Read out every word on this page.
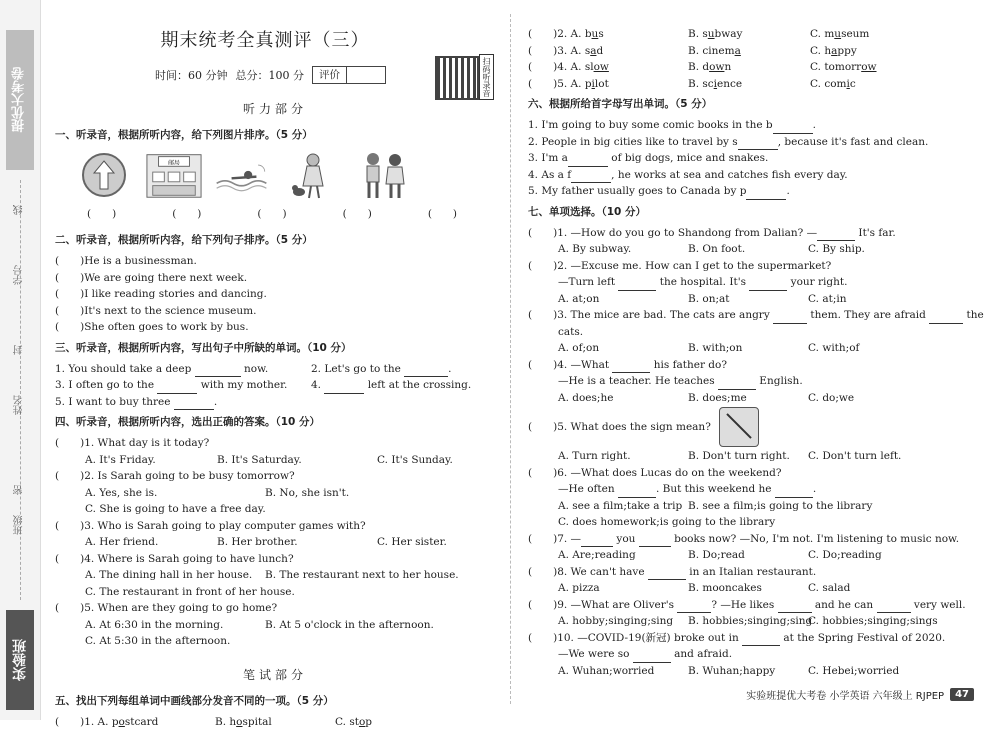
提优大考卷
线
学号
封
姓名
密
班级
实验班
期末统考全真测评（三）
时间：60 分钟 总分：100 分	评价	扫码听录音
听力部分
一、听录音，根据所听内容，给下列图片排序。（5 分）
邮局
(　　)	(　　)	(　　)	(　　)	(　　)
二、听录音，根据所听内容，给下列句子排序。（5 分）
(　　)He is a businessman.
(　　)We are going there next week.
(　　)I like reading stories and dancing.
(　　)It's next to the science museum.
(　　)She often goes to work by bus.
三、听录音，根据所听内容，写出句子中所缺的单词。（10 分）
1. You should take a deep	now.	2. Let's go to the	.
3. I often go to the	with my mother.	4.	left at the crossing.
5. I want to buy three	.
四、听录音，根据所听内容，选出正确的答案。（10 分）
(　　)1. What day is it today?
A. It's Friday.	B. It's Saturday.	C. It's Sunday.
(　　)2. Is Sarah going to be busy tomorrow?
A. Yes, she is.	B. No, she isn't.
C. She is going to have a free day.
(　　)3. Who is Sarah going to play computer games with?
A. Her friend.	B. Her brother.	C. Her sister.
(　　)4. Where is Sarah going to have lunch?
A. The dining hall in her house.	B. The restaurant next to her house.
C. The restaurant in front of her house.
(　　)5. When are they going to go home?
A. At 6:30 in the morning.	B. At 5 o'clock in the afternoon.
C. At 5:30 in the afternoon.
笔试部分
五、找出下列每组单词中画线部分发音不同的一项。（5 分）
(　　)1. A. postcard	B. hospital	C. stop
(　　)2. A. bus	B. subway	C. museum
(　　)3. A. sad	B. cinema	C. happy
(　　)4. A. slow	B. down	C. tomorrow
(　　)5. A. pilot	B. science	C. comic
六、根据所给首字母写出单词。（5 分）
1. I'm going to buy some comic books in the b	.
2. People in big cities like to travel by s	, because it's fast and clean.
3. I'm a	of big dogs, mice and snakes.
4. As a f	, he works at sea and catches fish every day.
5. My father usually goes to Canada by p	.
七、单项选择。（10 分）
(　　)1. —How do you go to Shandong from Dalian? —	It's far.
A. By subway.	B. On foot.	C. By ship.
(　　)2. —Excuse me. How can I get to the supermarket?
—Turn left	the hospital. It's	your right.
A. at;on	B. on;at	C. at;in
(　　)3. The mice are bad. The cats are angry	them. They are afraid	the
cats.
A. of;on	B. with;on	C. with;of
(　　)4. —What	his father do?
—He is a teacher. He teaches	English.
A. does;he	B. does;me	C. do;we
(　　)5. What does the sign mean?
A. Turn right.	B. Don't turn right.	C. Don't turn left.
(　　)6. —What does Lucas do on the weekend?
—He often	. But this weekend he	.
A. see a film;take a trip B. see a film;is going to the library
C. does homework;is going to the library
(　　)7. —	you	books now? —No, I'm not. I'm listening to music now.
A. Are;reading	B. Do;read	C. Do;reading
(　　)8. We can't have	in an Italian restaurant.
A. pizza	B. mooncakes	C. salad
(　　)9. —What are Oliver's	? —He likes	and he can	very well.
A. hobby;singing;sing	B. hobbies;singing;sing
C. hobbies;singing;sings
(　　)10. —COVID-19(新冠) broke out in	at the Spring Festival of 2020.
—We were so	and afraid.
A. Wuhan;worried	B. Wuhan;happy	C. Hebei;worried
实验班提优大考卷 小学英语 六年级上 RJPEP	47
